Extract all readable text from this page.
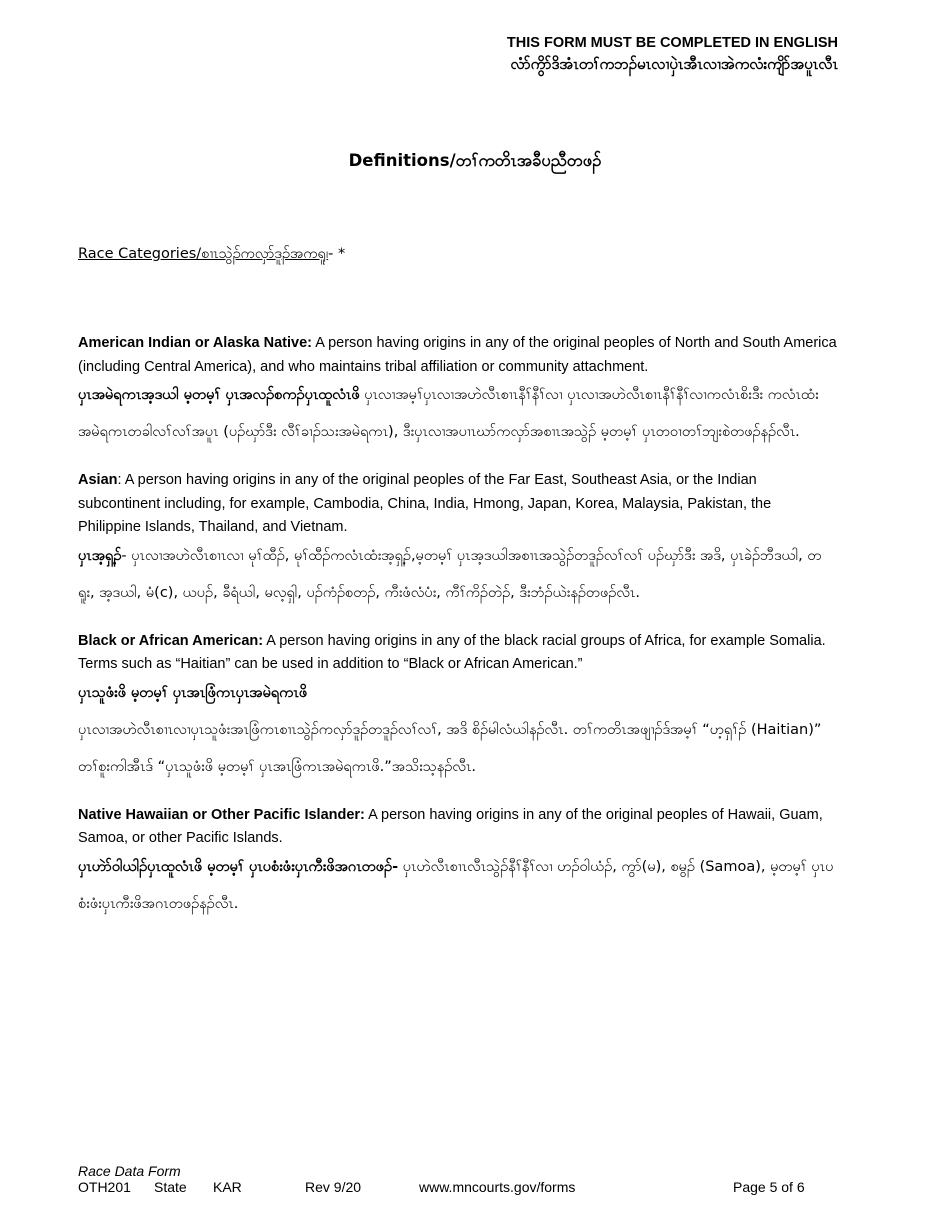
THIS FORM MUST BE COMPLETED IN ENGLISH
လံာ်ကွိာ်ဒိအံၤတၢ်ကဘၣ်မၤလၢပှဲၤအီၤလၢအဲကလံးကျိာ်အပူၤလီၤ
Definitions/တၢ်ကတိၤအခီပညီတဖၣ်
Race Categories/စၢၤသွဲၣ်ကလှာ်ဒူၣ်အကရူ၊- *
American Indian or Alaska Native: A person having origins in any of the original peoples of North and South America (including Central America), and who maintains tribal affiliation or community attachment.
ပှၤအမဲရကၤအ့ဒယါ မ့တမ့ၢ် ပှၤအလၣ်စကၣ်ပှၤထူလံၤဖိ ပှၤလၢအမ့ၢ်ပှၤလၢအဟဲလီၤစၢၤနီၢ်နီၢ်လၢ ပှၤလၢအဟဲလီၤစၢၤနီၢ်နီၢ်လၢကလံၤစိးဒီး ကလံၤထံးအမဲရကၤတခါလၢ်လၢ်အပူၤ (ပၣ်ဃှာ်ဒီး လီၢ်ခၢၣ်သးအမဲရကၤ), ဒီးပှၤလၢအပၢၤဃာ်ကလှာ်အစၢၤအသွဲၣ် မ့တမ့ၢ် ပှၤတဝၢတၢ်ဘျးစဲတဖၣ်နၣ်လီၤ.
Asian: A person having origins in any of the original peoples of the Far East, Southeast Asia, or the Indian subcontinent including, for example, Cambodia, China, India, Hmong, Japan, Korea, Malaysia, Pakistan, the Philippine Islands, Thailand, and Vietnam.
ပှၤအ့ရှ့ၣ်- ပှၤလၢအဟဲလီၤစၢၤလၢ မုၢ်ထီၣ်, မုၢ်ထီၣ်ကလံၤထံးအ့ရှ့ၣ်,မ့တမ့ၢ် ပှၤအ့ဒယါအစၢၤအသွဲၣ်တဒူၣ်လၢ်လၢ် ပၣ်ဃှာ်ဒီး အဒိ, ပှၤခဲၣ်ဘီဒယါ, တရူး, အ့ဒယါ, မံ(c), ယပၣ်, ခီရံယါ, မလ့ရှါ, ပၣ်ကံၣ်စတၣ်, ကီးဖံလံပံး, ကီၢ်ကိၣ်တဲၣ်, ဒီးဘံၣ်ယဲးနၣ်တဖၣ်လီၤ.
Black or African American: A person having origins in any of the black racial groups of Africa, for example Somalia. Terms such as “Haitian” can be used in addition to “Black or African American.”
ပှၤသူဖံးဖိ မ့တမ့ၢ် ပှၤအၤဖြံကၤပှၤအမဲရကၤဖိ
ပှၤလၢအဟဲလီၤစၢၤလၢပှၤသူဖံးအၤဖြံကၤစၢၤသွဲၣ်ကလှာ်ဒူၣ်တဒူၣ်လၢ်လၢ်, အဒိ စိၣ်မါလံယါနၣ်လီၤ. တၢ်ကတိၤအဖျၢၣ်ဒ်အမ့ၢ် “ဟ့ရှၢ်ၣ် (Haitian)” တၢ်စူးကါအီၤဒ် “ပှၤသူဖံးဖိ မ့တမ့ၢ် ပှၤအၤဖြံကၤအမဲရကၤဖိ.”အသိးသ့နၣ်လီၤ.
Native Hawaiian or Other Pacific Islander: A person having origins in any of the original peoples of Hawaii, Guam, Samoa, or other Pacific Islands.
ပှၤဟဲာ်ဝါယါၣ်ပှၤထူလံၤဖိ မ့တမ့ၢ် ပှၤပစံးဖံးပှၤကီးဖိအဂၤတဖၣ်- ပှၤဟဲလီၤစၢၤလီၤသွဲၣ်နီၢ်နီၢ်လၢ ဟၣ်ဝါယံၣ်, ကွာ်(မ), စမွၣ် (Samoa), မ့တမ့ၢ် ပှၤပစံးဖံးပှၤကီးဖိအဂၤတဖၣ်နၣ်လီၤ.
Race Data Form
OTH201 State KAR	Rev 9/20	www.mncourts.gov/forms	Page 5 of 6
